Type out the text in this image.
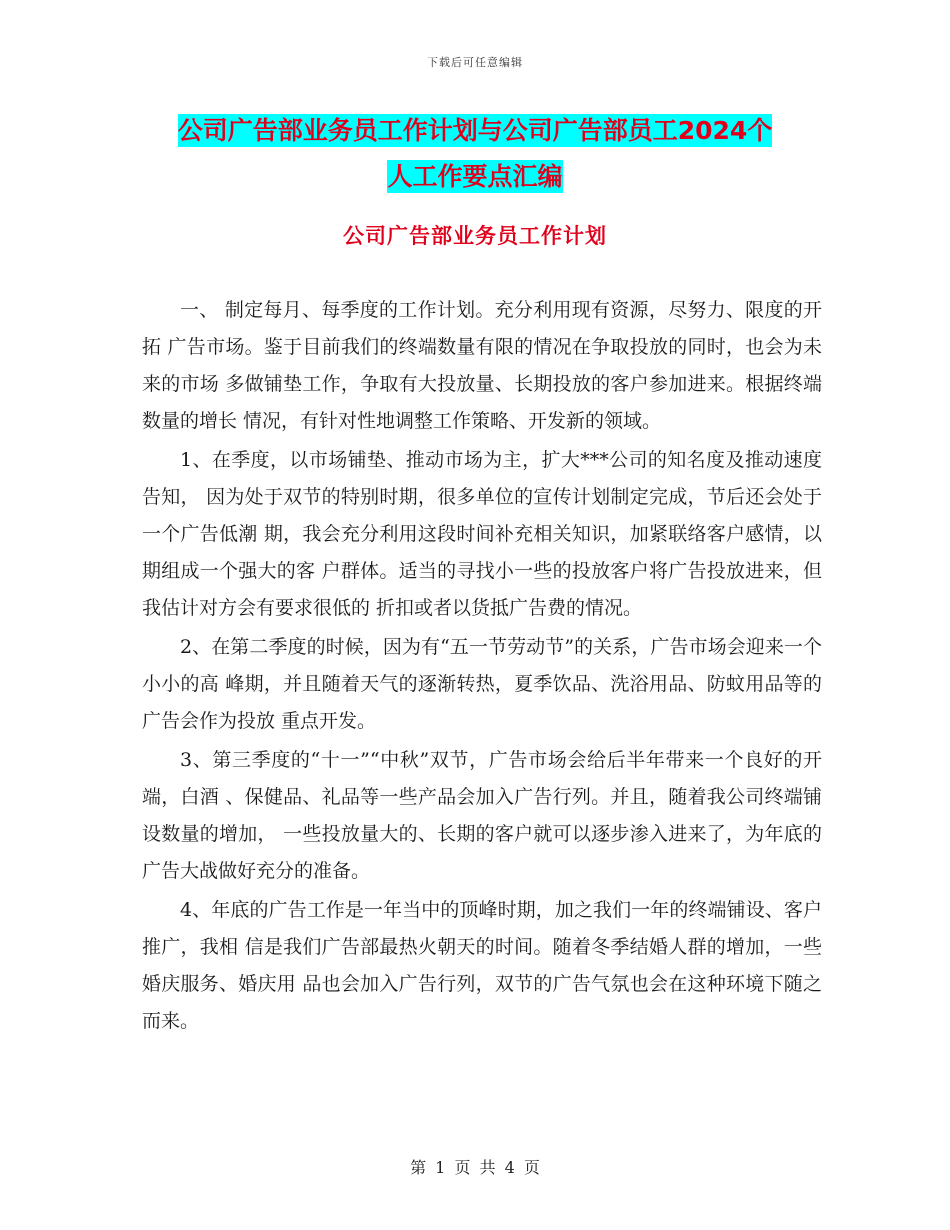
下载后可任意编辑
公司广告部业务员工作计划与公司广告部员工2024个
人工作要点汇编
公司广告部业务员工作计划

一、 制定每月、每季度的工作计划。充分利用现有资源，尽努力、限度的开拓 广告市场。鉴于目前我们的终端数量有限的情况在争取投放的同时，也会为未来的市场 多做铺垫工作，争取有大投放量、长期投放的客户参加进来。根据终端数量的增长 情况，有针对性地调整工作策略、开发新的领域。

1、在季度，以市场铺垫、推动市场为主，扩大***公司的知名度及推动速度告知， 因为处于双节的特别时期，很多单位的宣传计划制定完成，节后还会处于一个广告低潮 期，我会充分利用这段时间补充相关知识，加紧联络客户感情，以期组成一个强大的客 户群体。适当的寻找小一些的投放客户将广告投放进来，但我估计对方会有要求很低的 折扣或者以货抵广告费的情况。

2、在第二季度的时候，因为有“五一节劳动节”的关系，广告市场会迎来一个小小的高 峰期，并且随着天气的逐渐转热，夏季饮品、洗浴用品、防蚊用品等的广告会作为投放 重点开发。

3、第三季度的“十一”“中秋”双节，广告市场会给后半年带来一个良好的开端，白酒 、保健品、礼品等一些产品会加入广告行列。并且，随着我公司终端铺设数量的增加， 一些投放量大的、长期的客户就可以逐步渗入进来了，为年底的广告大战做好充分的准备。

4、年底的广告工作是一年当中的顶峰时期，加之我们一年的终端铺设、客户推广，我相 信是我们广告部最热火朝天的时间。随着冬季结婚人群的增加，一些婚庆服务、婚庆用 品也会加入广告行列，双节的广告气氛也会在这种环境下随之而来。

第 1 页 共 4 页
